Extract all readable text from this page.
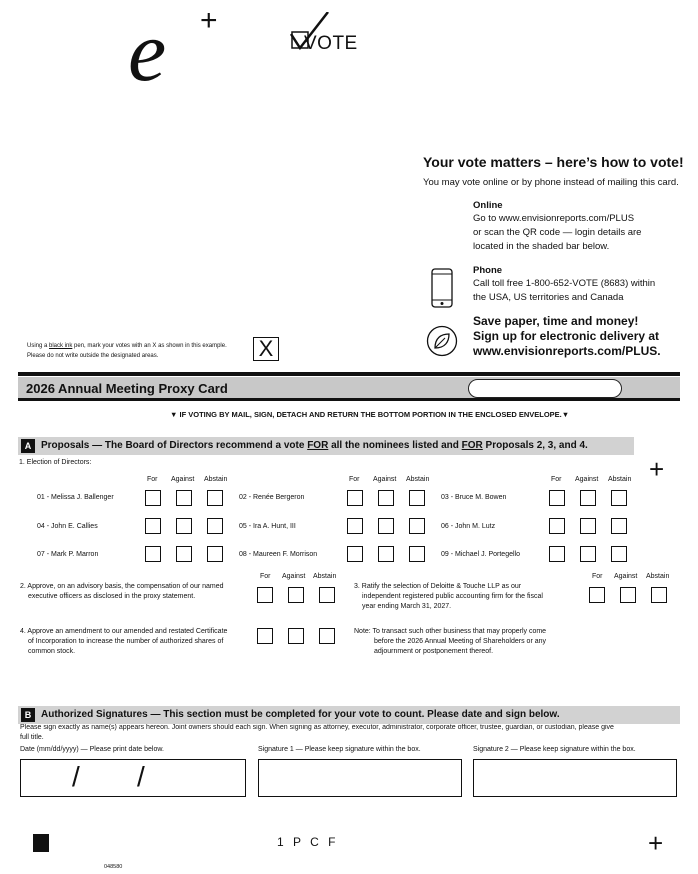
e +
VOTE
Your vote matters – here’s how to vote!
You may vote online or by phone instead of mailing this card.
Online
Go to www.envisionreports.com/PLUS
or scan the QR code — login details are
located in the shaded bar below.
Phone
Call toll free 1-800-652-VOTE (8683) within
the USA, US territories and Canada
Save paper, time and money!
Sign up for electronic delivery at
www.envisionreports.com/PLUS.
Using a black ink pen, mark your votes with an X as shown in this example.
Please do not write outside the designated areas.	X
2026 Annual Meeting Proxy Card
▼ IF VOTING BY MAIL, SIGN, DETACH AND RETURN THE BOTTOM PORTION IN THE ENCLOSED ENVELOPE.▼
A Proposals — The Board of Directors recommend a vote FOR all the nominees listed and FOR Proposals 2, 3, and 4.
+
1. Election of Directors:
For Against Abstain	For Against Abstain	For Against Abstain
01 - Melissa J. Ballenger	02 - Renée Bergeron	03 - Bruce M. Bowen
04 - John E. Callies	05 - Ira A. Hunt, III	06 - John M. Lutz
07 - Mark P. Marron	08 - Maureen F. Morrison	09 - Michael J. Portegello
2. Approve, on an advisory basis, the compensation of our named
executive officers as disclosed in the proxy statement.
For Against Abstain
3. Ratify the selection of Deloitte & Touche LLP as our
independent registered public accounting firm for the fiscal
year ending March 31, 2027.
For Against Abstain
4. Approve an amendment to our amended and restated Certificate
of Incorporation to increase the number of authorized shares of
common stock.
Note: To transact such other business that may properly come
before the 2026 Annual Meeting of Shareholders or any
adjournment or postponement thereof.
B Authorized Signatures — This section must be completed for your vote to count. Please date and sign below.
Please sign exactly as name(s) appears hereon. Joint owners should each sign. When signing as attorney, executor, administrator, corporate officer, trustee, guardian, or custodian, please give
full title.
Date (mm/dd/yyyy) — Please print date below.	Signature 1 — Please keep signature within the box.	Signature 2 — Please keep signature within the box.
/ /
1 P C F
048580
+
